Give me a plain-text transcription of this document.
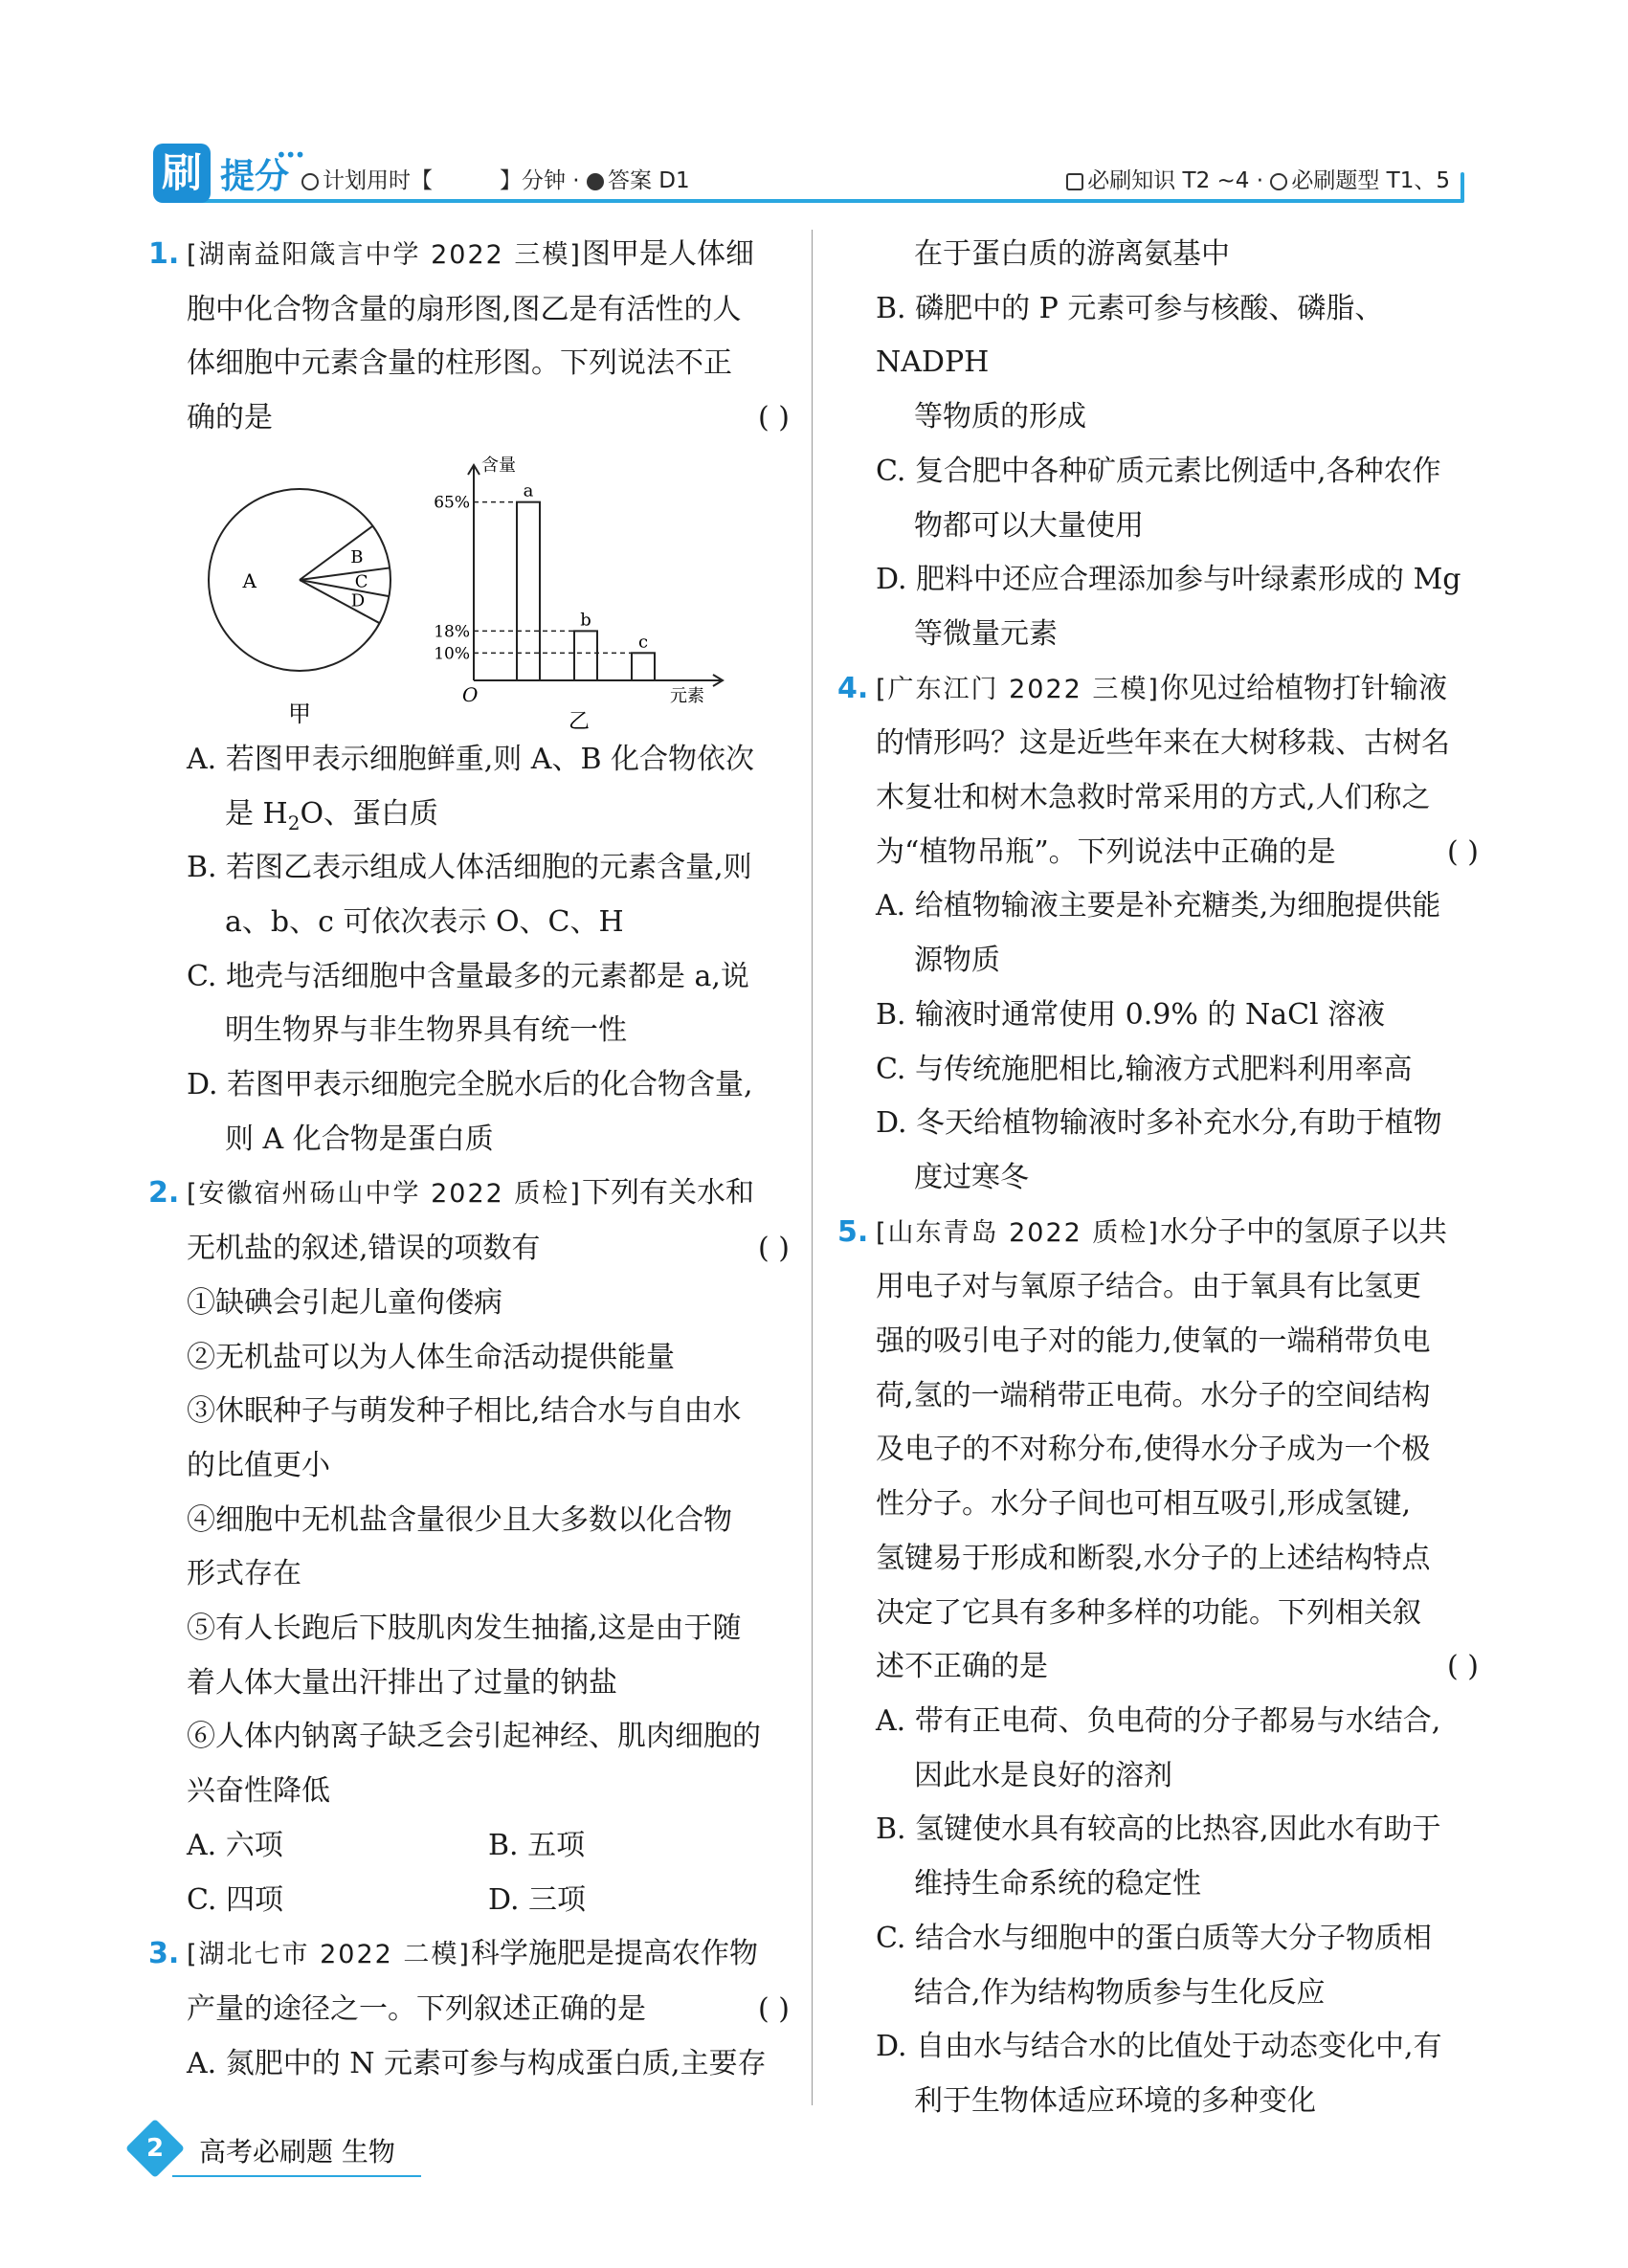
刷 提分
•••
计划用时【	】分钟 · 答案 D1	必刷知识 T2 ~4 · 必刷题型 T1、5
1. [湖南益阳箴言中学 2022 三模]图甲是人体细
胞中化合物含量的扇形图,图乙是有活性的人
体细胞中元素含量的柱形图。下列说法不正
确的是	( )
A
B
C
D
甲
含量
元素
O
乙
a
65%
b
18%	c
10%
A. 若图甲表示细胞鲜重,则 A、B 化合物依次
是 $H_2O$、蛋白质
B. 若图乙表示组成人体活细胞的元素含量,则
a、b、c 可依次表示 O、C、H
C. 地壳与活细胞中含量最多的元素都是 a,说
明生物界与非生物界具有统一性
D. 若图甲表示细胞完全脱水后的化合物含量,
则 A 化合物是蛋白质
2. [安徽宿州砀山中学 2022 质检]下列有关水和
无机盐的叙述,错误的项数有	( )
①缺碘会引起儿童佝偻病
②无机盐可以为人体生命活动提供能量
③休眠种子与萌发种子相比,结合水与自由水
的比值更小
④细胞中无机盐含量很少且大多数以化合物
形式存在
⑤有人长跑后下肢肌肉发生抽搐,这是由于随
着人体大量出汗排出了过量的钠盐
⑥人体内钠离子缺乏会引起神经、肌肉细胞的
兴奋性降低
A. 六项	B. 五项
C. 四项	D. 三项
3. [湖北七市 2022 二模]科学施肥是提高农作物
产量的途径之一。下列叙述正确的是	( )
A. 氮肥中的 N 元素可参与构成蛋白质,主要存
在于蛋白质的游离氨基中
B. 磷肥中的 P 元素可参与核酸、磷脂、NADPH
等物质的形成
C. 复合肥中各种矿质元素比例适中,各种农作
物都可以大量使用
D. 肥料中还应合理添加参与叶绿素形成的 Mg
等微量元素
4. [广东江门 2022 三模]你见过给植物打针输液
的情形吗？这是近些年来在大树移栽、古树名
木复壮和树木急救时常采用的方式,人们称之
为“植物吊瓶”。下列说法中正确的是	( )
A. 给植物输液主要是补充糖类,为细胞提供能
源物质
B. 输液时通常使用 0.9% 的 NaCl 溶液
C. 与传统施肥相比,输液方式肥料利用率高
D. 冬天给植物输液时多补充水分,有助于植物
度过寒冬
5. [山东青岛 2022 质检]水分子中的氢原子以共
用电子对与氧原子结合。由于氧具有比氢更
强的吸引电子对的能力,使氧的一端稍带负电
荷,氢的一端稍带正电荷。水分子的空间结构
及电子的不对称分布,使得水分子成为一个极
性分子。水分子间也可相互吸引,形成氢键,
氢键易于形成和断裂,水分子的上述结构特点
决定了它具有多种多样的功能。下列相关叙
述不正确的是	( )
A. 带有正电荷、负电荷的分子都易与水结合,
因此水是良好的溶剂
B. 氢键使水具有较高的比热容,因此水有助于
维持生命系统的稳定性
C. 结合水与细胞中的蛋白质等大分子物质相
结合,作为结构物质参与生化反应
D. 自由水与结合水的比值处于动态变化中,有
利于生物体适应环境的多种变化
2	高考必刷题 生物
